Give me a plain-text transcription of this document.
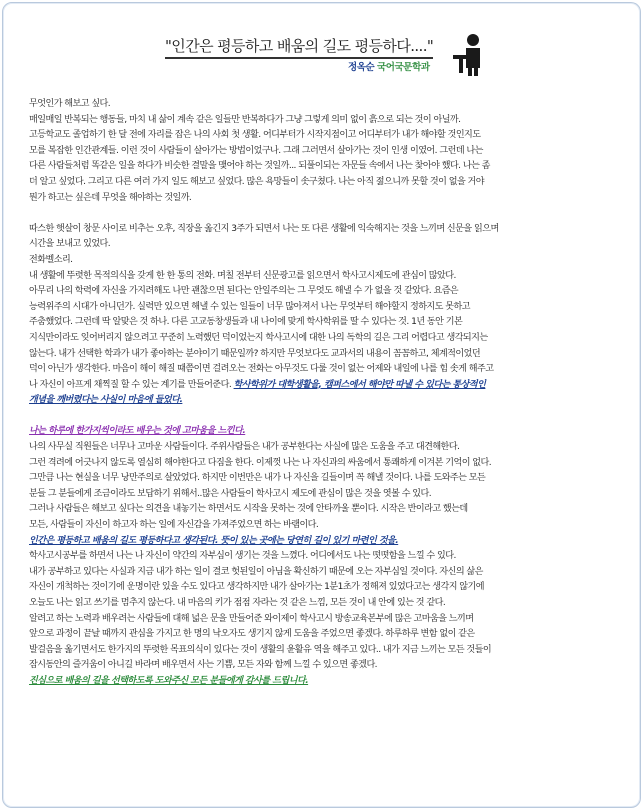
"인간은 평등하고 배움의 길도 평등하다...."
정옥순 국어국문학과

무엇인가 해보고 싶다.

매일매일 반복되는 행동들, 마치 내 삶이 계속 같은 일들만 반복하다가 그냥 그렇게 의미 없이 흙으로 되는 것이 아닐까.

고등학교도 졸업하기 한 달 전에 자리를 잡은 나의 사회 첫 생활. 어디부터가 시작지점이고 어디부터가 내가 해야할 것인지도

모를 복잡한 인간관계들. 이런 것이 사람들이 살아가는 방법이었구나. 그래 그러면서 살아가는 것이 인생 이였어. 그런데 나는

다른 사람들처럼 똑같은 일을 하다가 비슷한 결말을 맺어야 하는 것일까... 되풀이되는 자문들 속에서 나는 찾아야 했다. 나는 좀

더 알고 싶었다. 그리고 다른 여러 가지 일도 해보고 싶었다. 많은 욕망들이 솟구쳤다. 나는 아직 젊으니까 못할 것이 없을 거야

뭔가 하고는 싶은데 무엇을 해야하는 것일까.

따스한 햇살이 창문 사이로 비추는 오후, 직장을 옮긴지 3주가 되면서 나는 또 다른 생활에 익숙해지는 것을 느끼며 신문을 읽으며

시간을 보내고 있었다.

전화벨소리.

내 생활에 뚜렷한 목적의식을 갖게 한 한 통의 전화. 며칠 전부터 신문광고를 읽으면서 학사고시제도에 관심이 많았다.

아무리 나의 학력에 자신을 가지려해도 나만 괜찮으면 된다는 안일주의는 그 무엇도 해낼 수 가 없을 것 같았다. 요즘은

능력위주의 시대가 아니던가. 실력만 있으면 해낼 수 있는 일들이 너무 많아져서 나는 무엇부터 해야할지 정하지도 못하고

주춤했었다. 그런데 딱 알맞은 것 하나. 다른 고교동창생들과 내 나이에 맞게 학사학위를 딸 수 있다는 것. 1년 동안 기본

지식만이라도 잊어버리지 않으려고 꾸준히 노력했던 덕이었는지 학사고시에 대한 나의 독학의 길은 그리 어렵다고 생각되지는

않는다. 내가 선택한 학과가 내가 좋아하는 분야이기 때문일까? 하지만 무엇보다도 교과서의 내용이 꼼꼼하고, 체계적이었던

덕이 아닌가 생각한다. 마음이 해이 해질 때쯤이면 걸려오는 전화는 아무것도 다룰 것이 없는 어제와 내일에 나를 힘 솟게 해주고

나 자신이 아프게 채찍질 할 수 있는 계기를 만들어준다. 학사학위가 대학생활을, 캠퍼스에서 해야만 따낼 수 있다는 통상적인

개념을 깨버렸다는 사실이 마음에 들었다.

나는 하루에 한가지씩이라도 배우는 것에 고마움을 느낀다.

나의 사무실 직원들은 너무나 고마운 사람들이다. 주위사람들은 내가 공부한다는 사실에 많은 도움을 주고 대견해한다.

그런 격려에 어긋나지 않도록 열심히 해야한다고 다짐을 한다. 이제껏 나는 나 자신과의 싸움에서 통쾌하게 이겨본 기억이 없다.

그만큼 나는 현실을 너무 낭만주의로 살았었다. 하지만 이번만은 내가 나 자신을 길들이며 꼭 해낼 것이다. 나를 도와주는 모든

분들 그 분들에게 조금이라도 보답하기 위해서..많은 사람들이 학사고시 제도에 관심이 많은 것을 엿볼 수 있다.

그러나 사람들은 해보고 싶다는 의견을 내놓기는 하면서도 시작을 못하는 것에 안타까울 뿐이다. 시작은 반이라고 했는데

모든, 사람들이 자신이 하고자 하는 일에 자신감을 가져주었으면 하는 바램이다.

인간은 평등하고 배움의 길도 평등하다고 생각된다. 뜻이 있는 곳에는 당연히 길이 있기 마련인 것을.

학사고시공부를 하면서 나는 나 자신이 약간의 자부심이 생기는 것을 느꼈다. 어디에서도 나는 떳떳함을 느낄 수 있다.

내가 공부하고 있다는 사실과 지금 내가 하는 일이 결코 헛된일이 아님을 확신하기 때문에 오는 자부심일 것이다. 자신의 삶은

자신이 개척하는 것이기에 운명이란 있을 수도 있다고 생각하지만 내가 살아가는 1분1초가 정해져 있었다고는 생각지 않기에

오늘도 나는 읽고 쓰기를 멈추지 않는다. 내 마음의 키가 점점 자라는 것 같은 느낌, 모든 것이 내 안에 있는 것 같다.

알려고 하는 노력과 배우려는 사람들에 대해 넓은 문을 만들어준 와이제이 학사고시 방송교육본부에 많은 고마움을 느끼며

앞으로 과정이 끝날 때까지 관심을 가지고 한 명의 낙오자도 생기지 않게 도움을 주었으면 좋겠다. 하루하루 변함 없이 같은

발걸음을 옮기면서도 한가지의 뚜렷한 목표의식이 있다는 것이 생활의 윤활유 역을 해주고 있다.. 내가 지금 느끼는 모든 것들이

잠시동안의 즐거움이 아니길 바라며 배우면서 사는 기쁨, 모든 자와 함께 느낄 수 있으면 좋겠다.

진심으로 배움의 길을 선택하도록 도와주신 모든 분들에게 감사를 드립니다.
